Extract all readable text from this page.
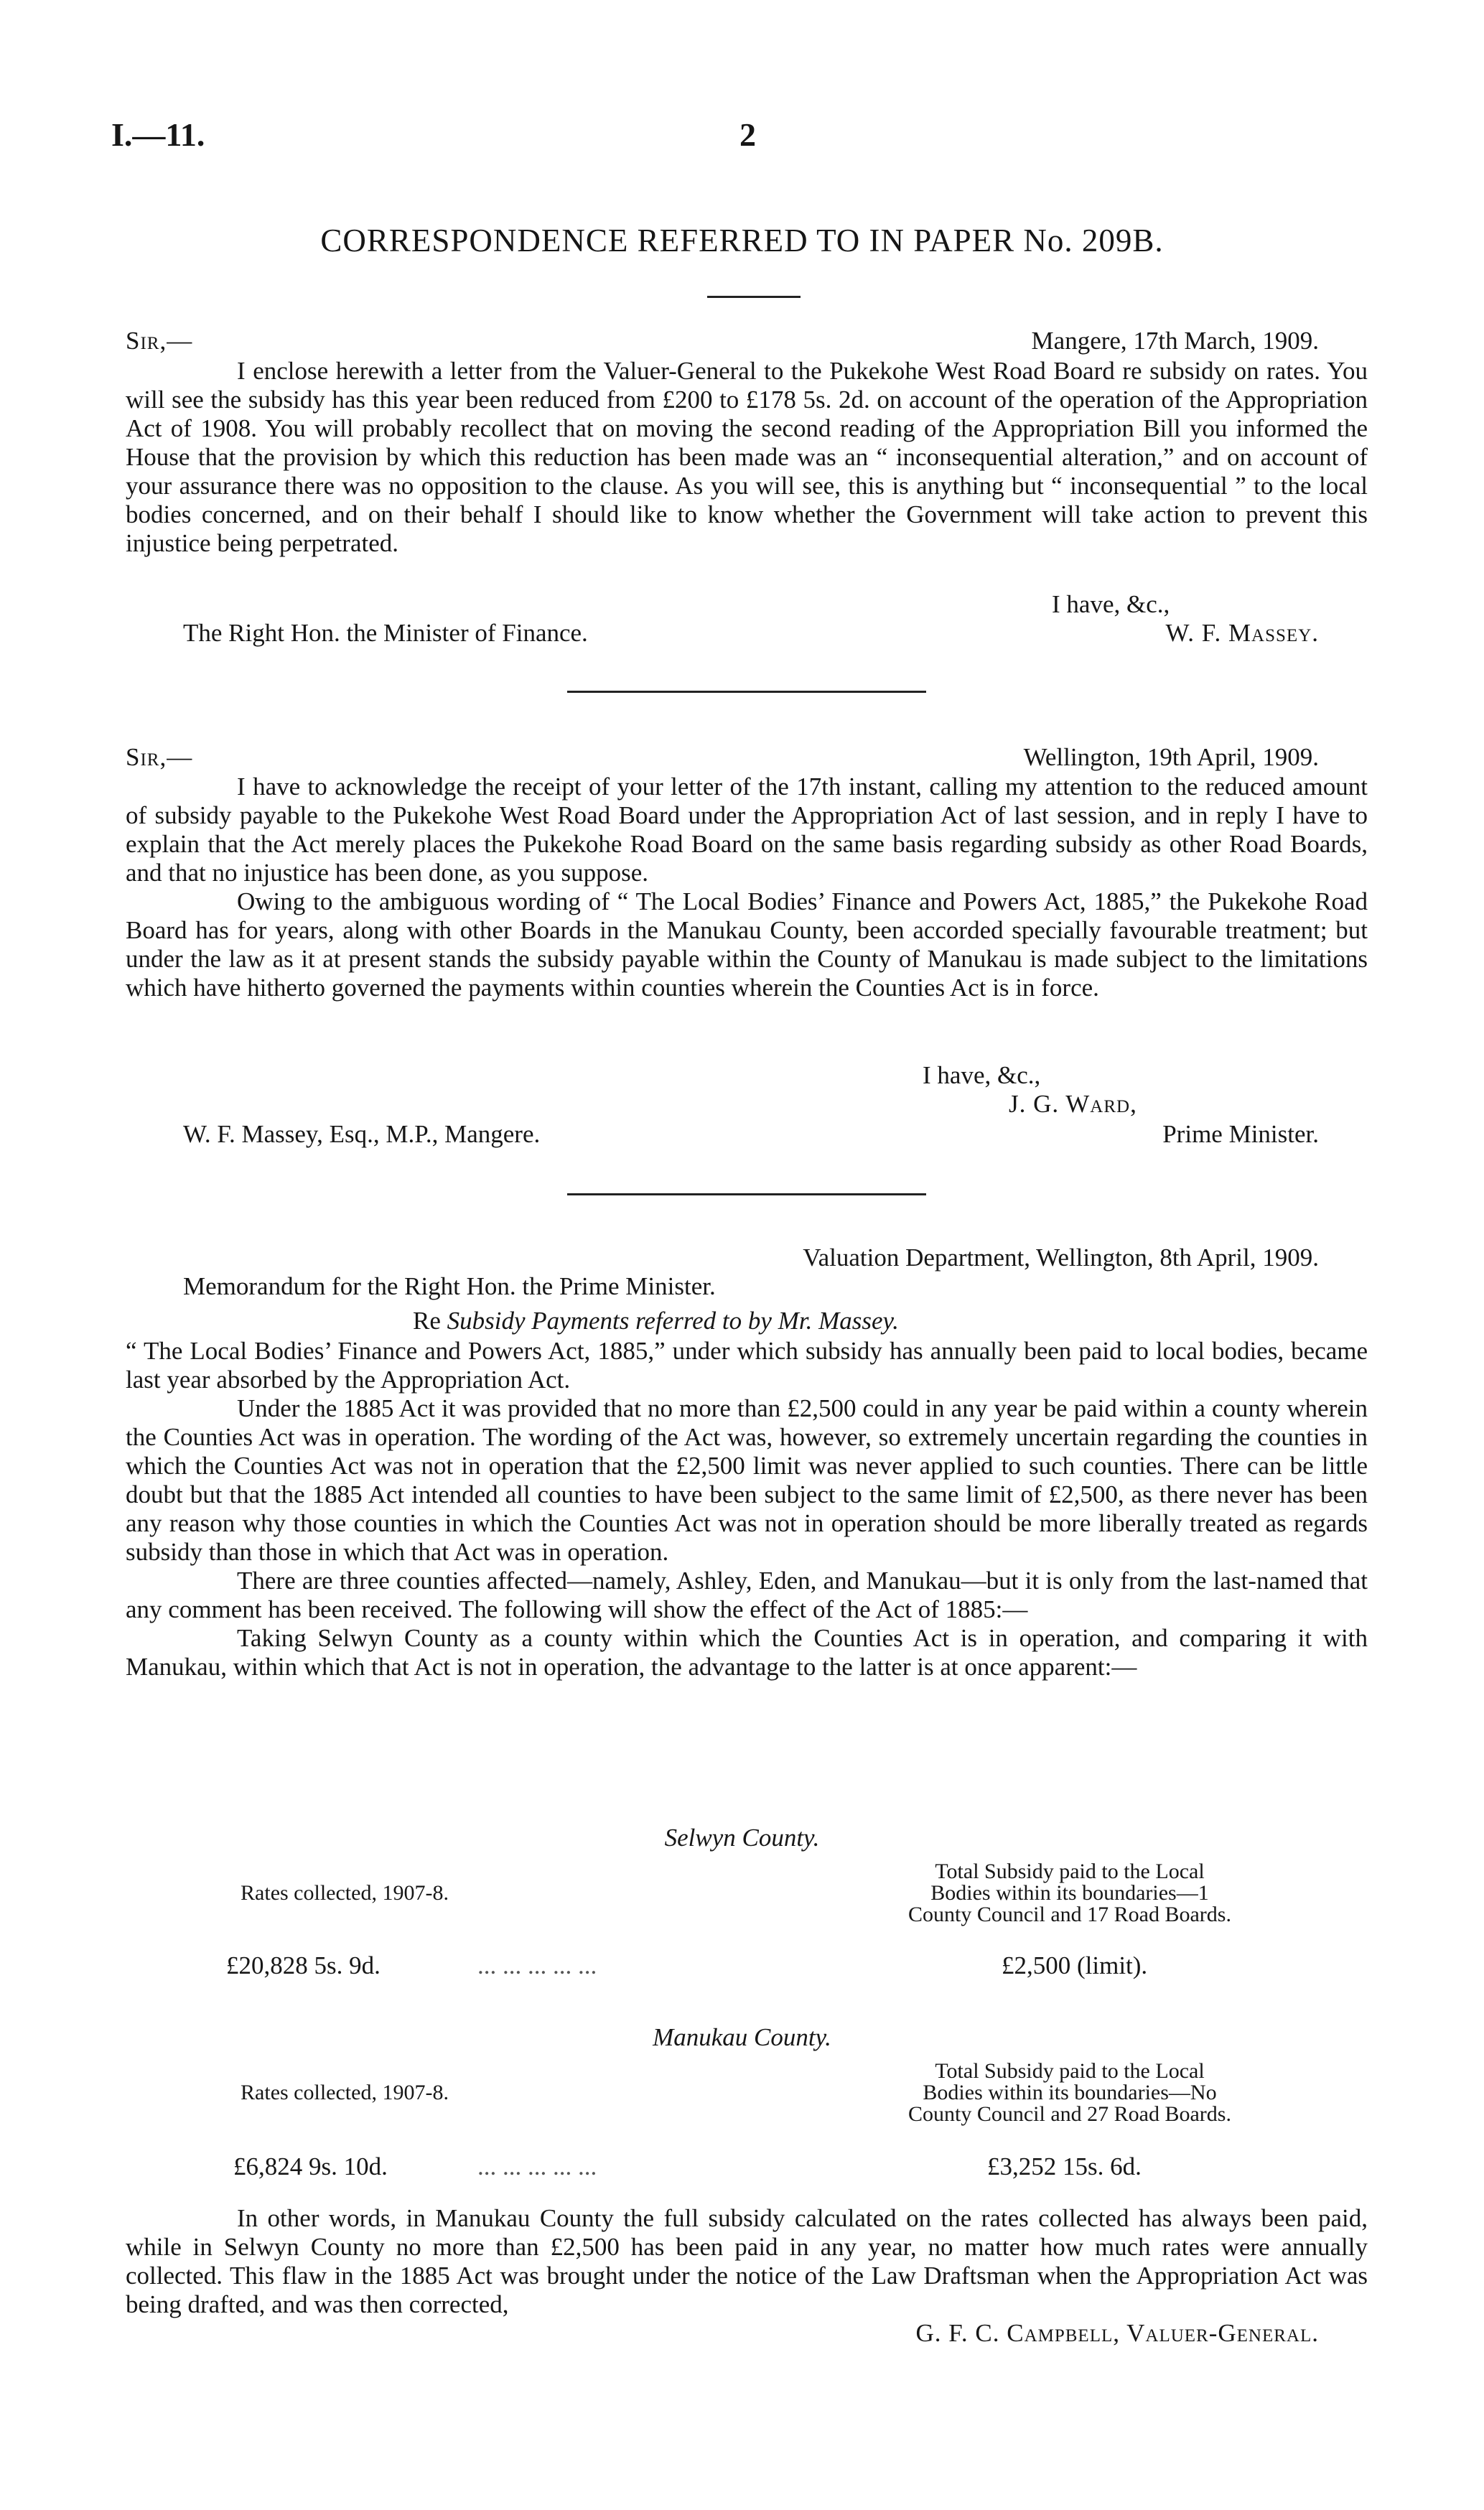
I.—11.	2
CORRESPONDENCE REFERRED TO IN PAPER No. 209B.
Sir,—	Mangere, 17th March, 1909.
I enclose herewith a letter from the Valuer-General to the Pukekohe West Road Board re subsidy on rates. You will see the subsidy has this year been reduced from £200 to £178 5s. 2d. on account of the operation of the Appropriation Act of 1908. You will probably recollect that on moving the second reading of the Appropriation Bill you informed the House that the provision by which this reduction has been made was an “ inconsequential alteration,” and on account of your assurance there was no opposition to the clause. As you will see, this is anything but “ inconsequential ” to the local bodies concerned, and on their behalf I should like to know whether the Government will take action to prevent this injustice being perpetrated.
I have, &c.,
The Right Hon. the Minister of Finance.	W. F. Massey.
Sir,—	Wellington, 19th April, 1909.

I have to acknowledge the receipt of your letter of the 17th instant, calling my attention to the reduced amount of subsidy payable to the Pukekohe West Road Board under the Appropriation Act of last session, and in reply I have to explain that the Act merely places the Pukekohe Road Board on the same basis regarding subsidy as other Road Boards, and that no injustice has been done, as you suppose.

Owing to the ambiguous wording of “ The Local Bodies’ Finance and Powers Act, 1885,” the Pukekohe Road Board has for years, along with other Boards in the Manukau County, been accorded specially favourable treatment; but under the law as it at present stands the subsidy payable within the County of Manukau is made subject to the limitations which have hitherto governed the payments within counties wherein the Counties Act is in force.

I have, &c.,
J. G. Ward,
W. F. Massey, Esq., M.P., Mangere.	Prime Minister.
Valuation Department, Wellington, 8th April, 1909.
Memorandum for the Right Hon. the Prime Minister.
Re Subsidy Payments referred to by Mr. Massey.

“ The Local Bodies’ Finance and Powers Act, 1885,” under which subsidy has annually been paid to local bodies, became last year absorbed by the Appropriation Act.

Under the 1885 Act it was provided that no more than £2,500 could in any year be paid within a county wherein the Counties Act was in operation. The wording of the Act was, however, so extremely uncertain regarding the counties in which the Counties Act was not in operation that the £2,500 limit was never applied to such counties. There can be little doubt but that the 1885 Act intended all counties to have been subject to the same limit of £2,500, as there never has been any reason why those counties in which the Counties Act was not in operation should be more liberally treated as regards subsidy than those in which that Act was in operation.

There are three counties affected—namely, Ashley, Eden, and Manukau—but it is only from the last-named that any comment has been received. The following will show the effect of the Act of 1885:—

Taking Selwyn County as a county within which the Counties Act is in operation, and comparing it with Manukau, within which that Act is not in operation, the advantage to the latter is at once apparent:—

Selwyn County.
Rates collected, 1907-8.
Total Subsidy paid to the Local Bodies within its boundaries—1 County Council and 17 Road Boards.
£20,828 5s. 9d.	... ... ... ... ...	£2,500 (limit).
Manukau County.
Rates collected, 1907-8.
Total Subsidy paid to the Local Bodies within its boundaries—No County Council and 27 Road Boards.
£6,824 9s. 10d.	... ... ... ... ...	£3,252 15s. 6d.
In other words, in Manukau County the full subsidy calculated on the rates collected has always been paid, while in Selwyn County no more than £2,500 has been paid in any year, no matter how much rates were annually collected. This flaw in the 1885 Act was brought under the notice of the Law Draftsman when the Appropriation Act was being drafted, and was then corrected,
G. F. C. Campbell, Valuer-General.
